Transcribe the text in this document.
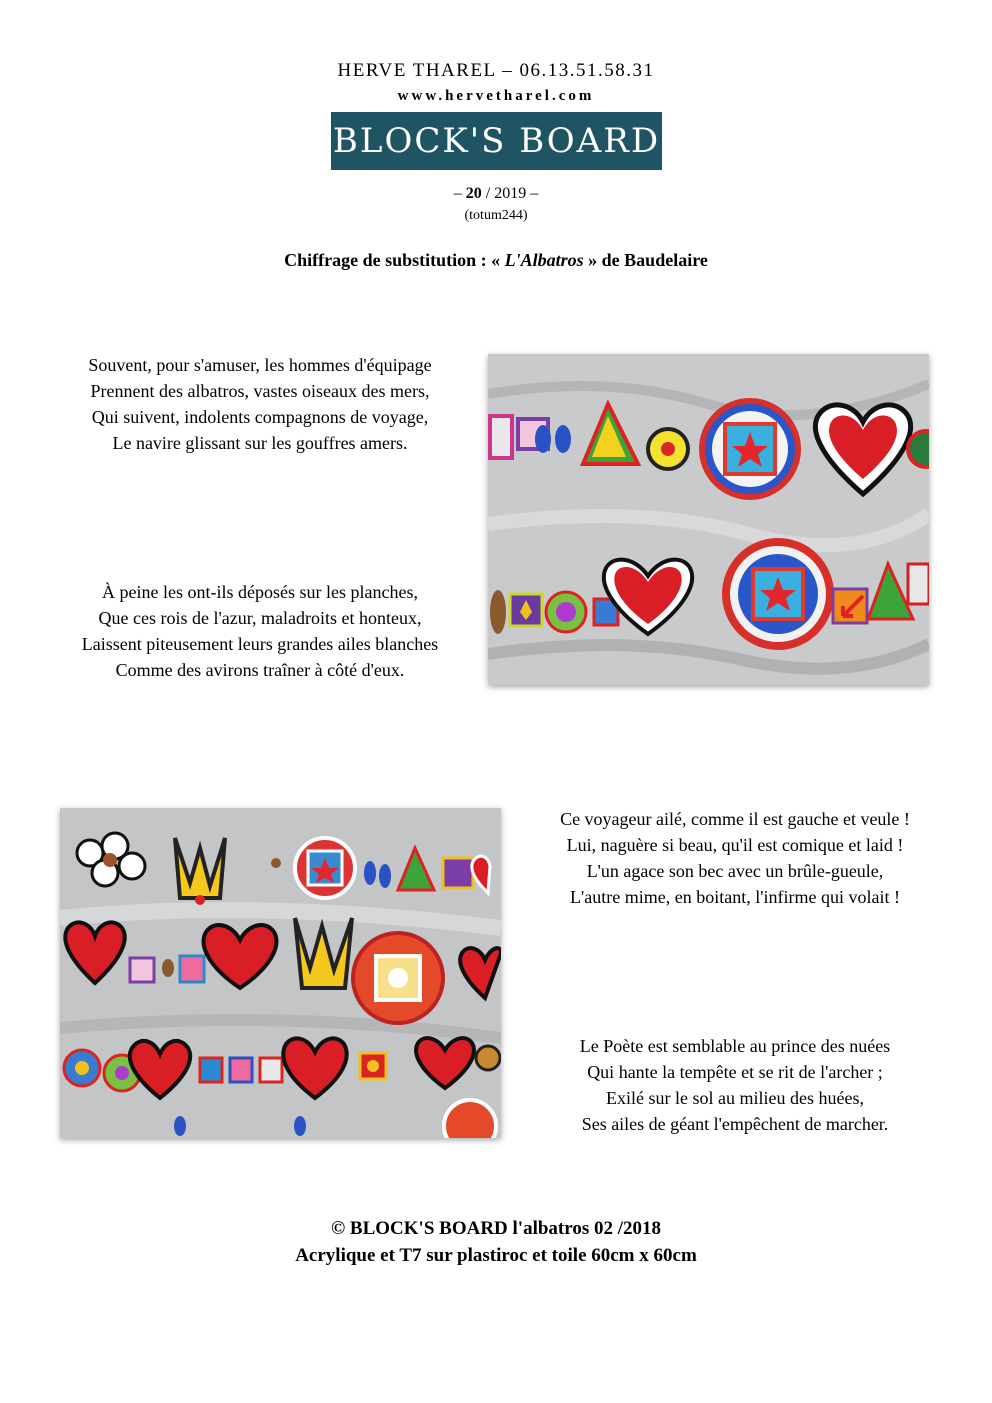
HERVE THAREL – 06.13.51.58.31
www.hervetharel.com
BLOCK'S BOARD
– 20 / 2019 –
(totum244)
Chiffrage de substitution : « L'Albatros » de Baudelaire
Souvent, pour s'amuser, les hommes d'équipage
Prennent des albatros, vastes oiseaux des mers,
Qui suivent, indolents compagnons de voyage,
Le navire glissant sur les gouffres amers.
À peine les ont-ils déposés sur les planches,
Que ces rois de l'azur, maladroits et honteux,
Laissent piteusement leurs grandes ailes blanches
Comme des avirons traîner à côté d'eux.
Ce voyageur ailé, comme il est gauche et veule !
Lui, naguère si beau, qu'il est comique et laid !
L'un agace son bec avec un brûle-gueule,
L'autre mime, en boitant, l'infirme qui volait !
Le Poète est semblable au prince des nuées
Qui hante la tempête et se rit de l'archer ;
Exilé sur le sol au milieu des huées,
Ses ailes de géant l'empêchent de marcher.
© BLOCK'S BOARD l'albatros 02 /2018
Acrylique et T7 sur plastiroc et toile 60cm x 60cm
